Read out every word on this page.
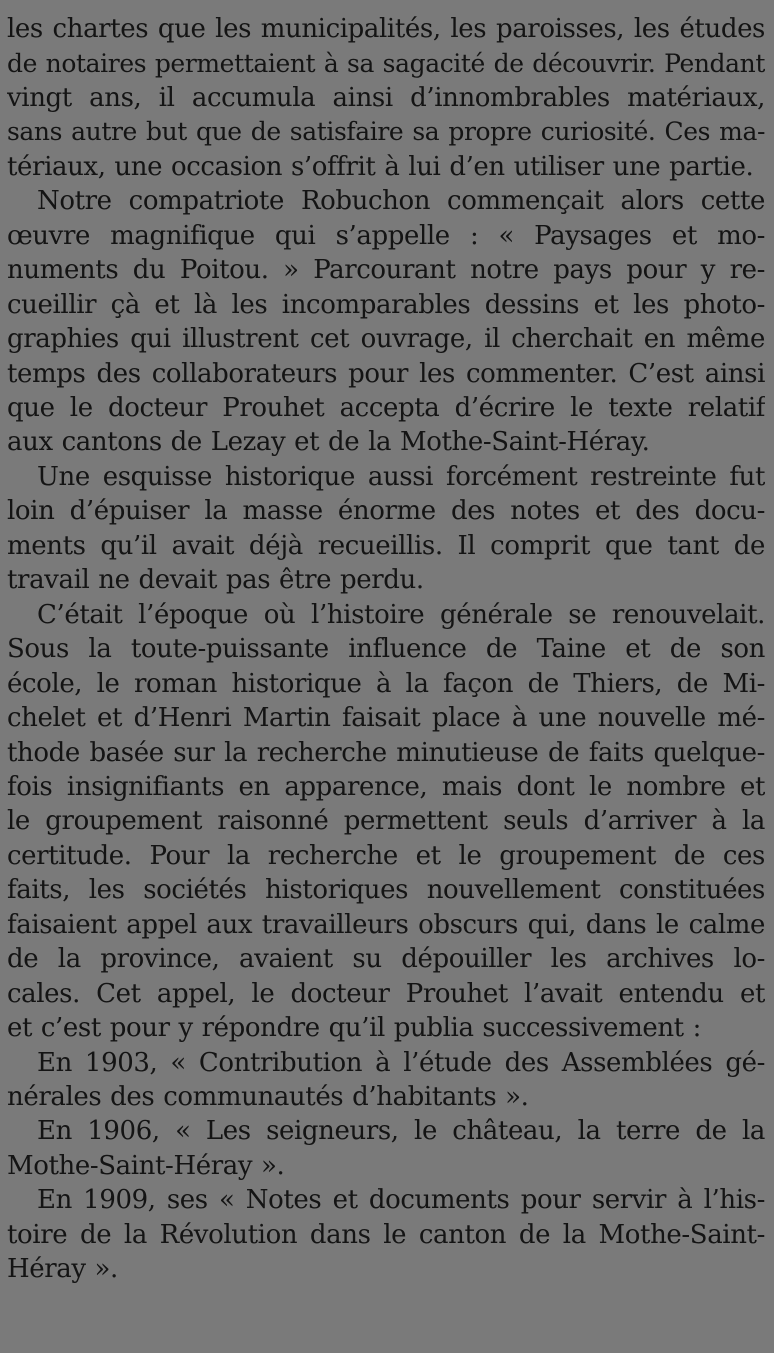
les chartes que les municipalités, les paroisses, les études
de notaires permettaient à sa sagacité de découvrir. Pendant
vingt ans, il accumula ainsi d’innombrables matériaux,
sans autre but que de satisfaire sa propre curiosité. Ces ma-
tériaux, une occasion s’offrit à lui d’en utiliser une partie.
Notre compatriote Robuchon commençait alors cette
œuvre magnifique qui s’appelle : « Paysages et mo-
numents du Poitou. » Parcourant notre pays pour y re-
cueillir çà et là les incomparables dessins et les photo-
graphies qui illustrent cet ouvrage, il cherchait en même
temps des collaborateurs pour les commenter. C’est ainsi
que le docteur Prouhet accepta d’écrire le texte relatif
aux cantons de Lezay et de la Mothe-Saint-Héray.
Une esquisse historique aussi forcément restreinte fut
loin d’épuiser la masse énorme des notes et des docu-
ments qu’il avait déjà recueillis. Il comprit que tant de
travail ne devait pas être perdu.
C’était l’époque où l’histoire générale se renouvelait.
Sous la toute-puissante influence de Taine et de son
école, le roman historique à la façon de Thiers, de Mi-
chelet et d’Henri Martin faisait place à une nouvelle mé-
thode basée sur la recherche minutieuse de faits quelque-
fois insignifiants en apparence, mais dont le nombre et
le groupement raisonné permettent seuls d’arriver à la
certitude. Pour la recherche et le groupement de ces
faits, les sociétés historiques nouvellement constituées
faisaient appel aux travailleurs obscurs qui, dans le calme
de la province, avaient su dépouiller les archives lo-
cales. Cet appel, le docteur Prouhet l’avait entendu et
et c’est pour y répondre qu’il publia successivement :
En 1903, « Contribution à l’étude des Assemblées gé-
nérales des communautés d’habitants ».
En 1906, « Les seigneurs, le château, la terre de la
Mothe-Saint-Héray ».
En 1909, ses « Notes et documents pour servir à l’his-
toire de la Révolution dans le canton de la Mothe-Saint-
Héray ».
